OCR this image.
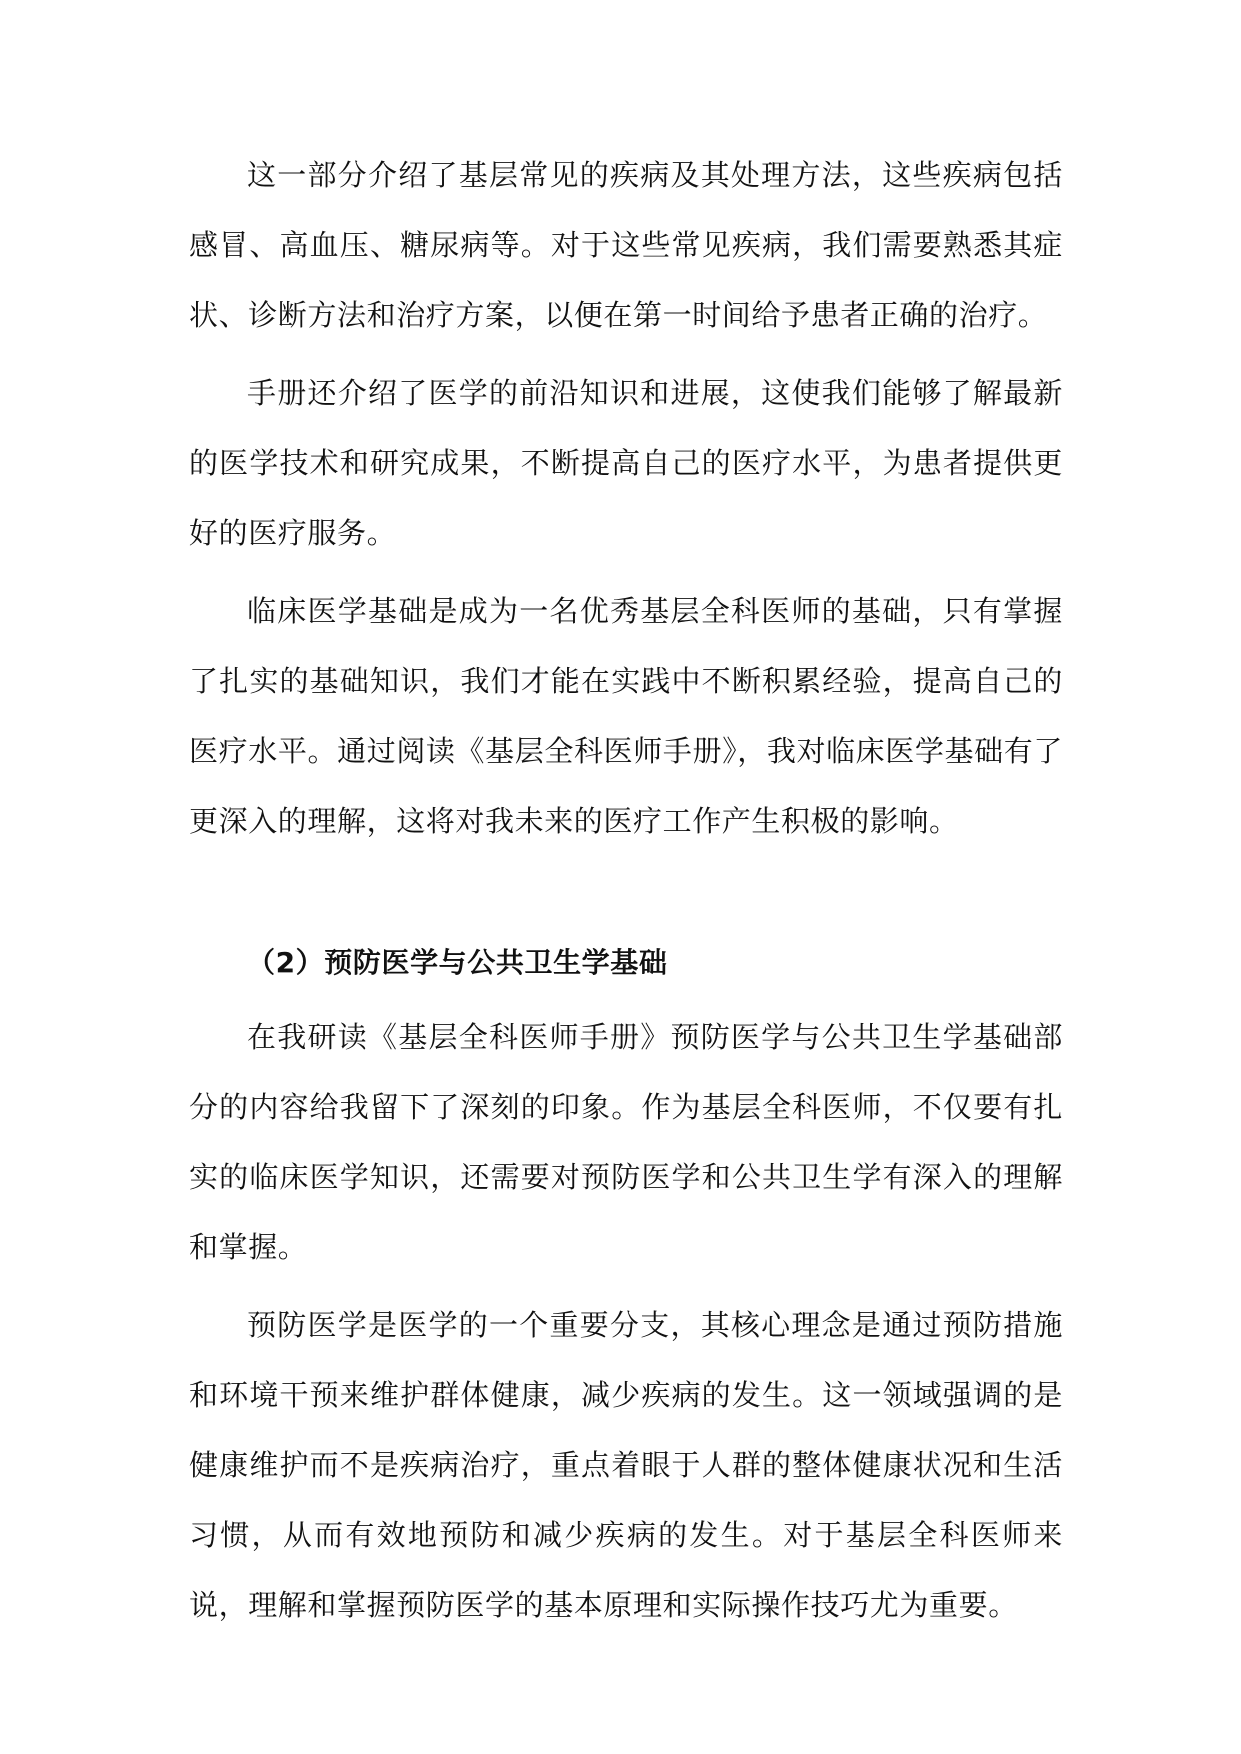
这一部分介绍了基层常见的疾病及其处理方法，这些疾病包括感冒、高血压、糖尿病等。对于这些常见疾病，我们需要熟悉其症状、诊断方法和治疗方案，以便在第一时间给予患者正确的治疗。

手册还介绍了医学的前沿知识和进展，这使我们能够了解最新的医学技术和研究成果，不断提高自己的医疗水平，为患者提供更好的医疗服务。

临床医学基础是成为一名优秀基层全科医师的基础，只有掌握了扎实的基础知识，我们才能在实践中不断积累经验，提高自己的医疗水平。通过阅读《基层全科医师手册》，我对临床医学基础有了更深入的理解，这将对我未来的医疗工作产生积极的影响。

（2）预防医学与公共卫生学基础

在我研读《基层全科医师手册》预防医学与公共卫生学基础部分的内容给我留下了深刻的印象。作为基层全科医师，不仅要有扎实的临床医学知识，还需要对预防医学和公共卫生学有深入的理解和掌握。

预防医学是医学的一个重要分支，其核心理念是通过预防措施和环境干预来维护群体健康，减少疾病的发生。这一领域强调的是健康维护而不是疾病治疗，重点着眼于人群的整体健康状况和生活习惯，从而有效地预防和减少疾病的发生。对于基层全科医师来说，理解和掌握预防医学的基本原理和实际操作技巧尤为重要。
